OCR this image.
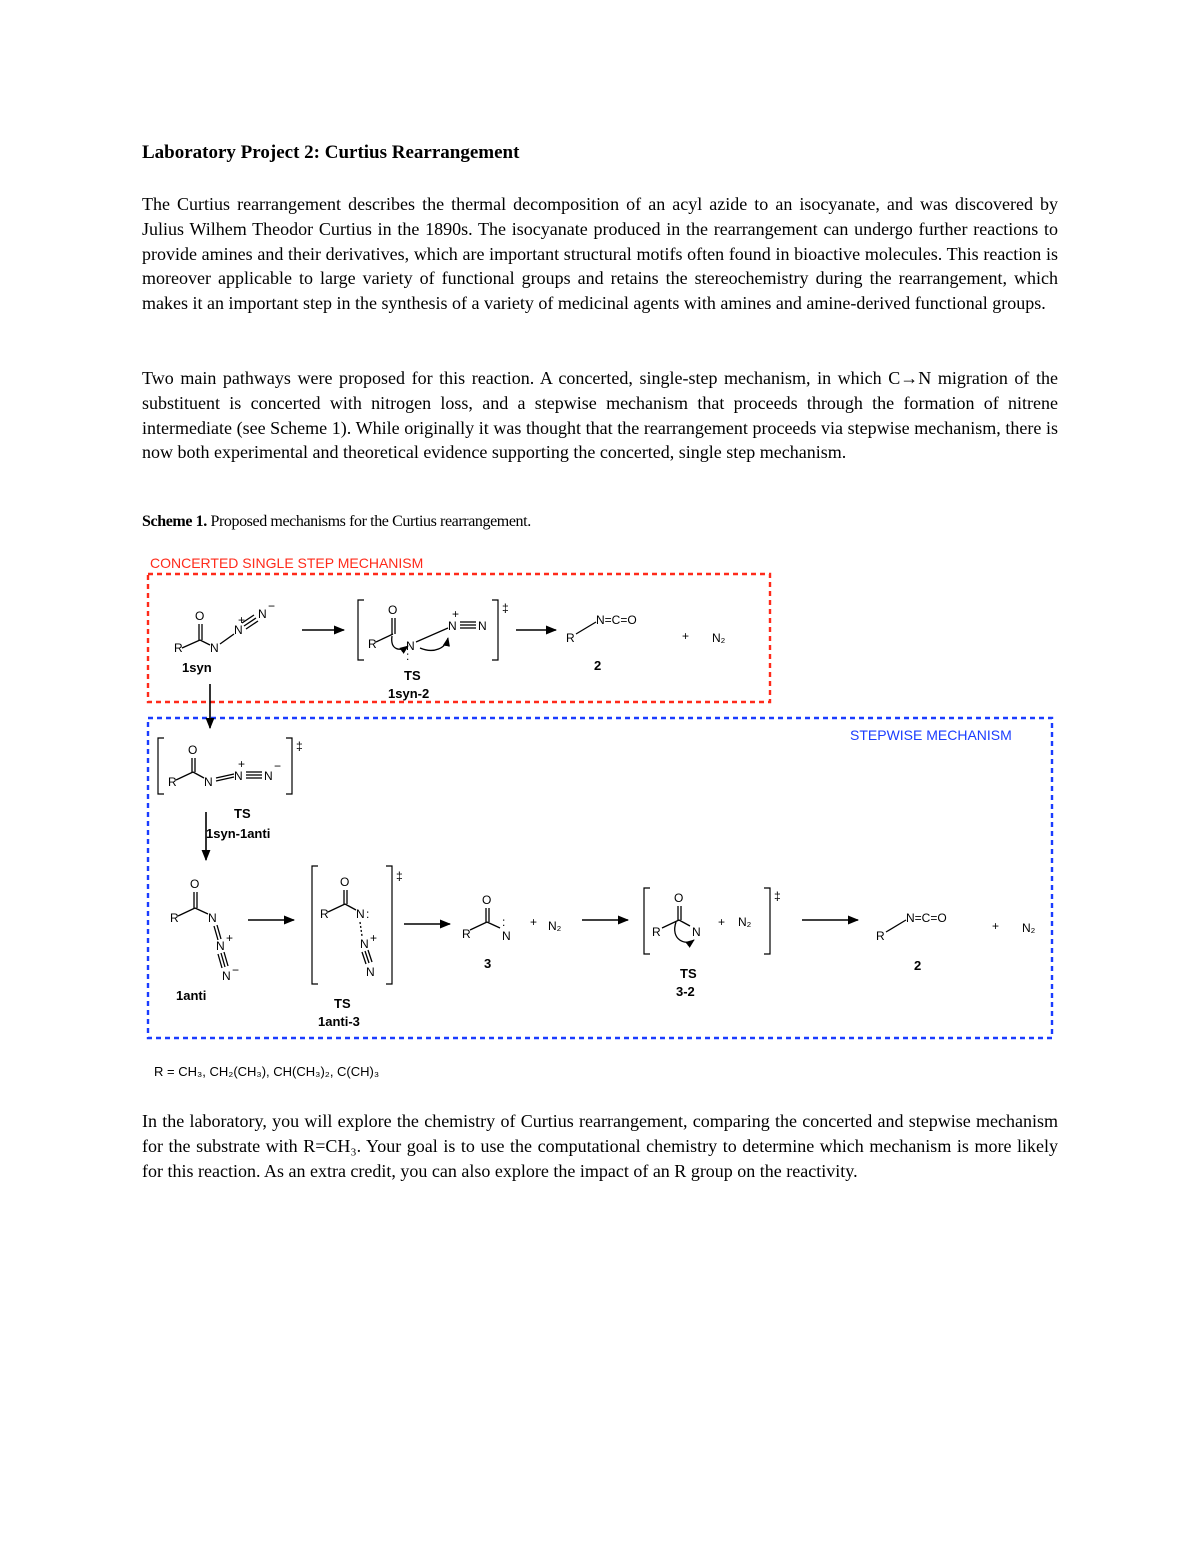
Laboratory Project 2: Curtius Rearrangement

The Curtius rearrangement describes the thermal decomposition of an acyl azide to an isocyanate, and was discovered by Julius Wilhem Theodor Curtius in the 1890s. The isocyanate produced in the rearrangement can undergo further reactions to provide amines and their derivatives, which are important structural motifs often found in bioactive molecules. This reaction is moreover applicable to large variety of functional groups and retains the stereochemistry during the rearrangement, which makes it an important step in the synthesis of a variety of medicinal agents with amines and amine-derived functional groups.

Two main pathways were proposed for this reaction. A concerted, single-step mechanism, in which C→N migration of the substituent is concerted with nitrogen loss, and a stepwise mechanism that proceeds through the formation of nitrene intermediate (see Scheme 1). While originally it was thought that the rearrangement proceeds via stepwise mechanism, there is now both experimental and theoretical evidence supporting the concerted, single step mechanism.

Scheme 1. Proposed mechanisms for the Curtius rearrangement.

CONCERTED SINGLE STEP MECHANISM
STEPWISE MECHANISM
O
R N
N
+ N
−
1syn
‡
O
R N
:
N
+
N
TS
1syn-2
R
N=C=O
2
+ N₂
‡
O
R N N
+
N
−
TS
1syn-1anti
O
R N
N
+
N −
1anti
‡
O
R N :
N +
N
TS
1anti-3
O
R	N
:
3
+ N₂
‡
O
R	N
+ N₂
TS
3-2
R
N=C=O
2
+ N₂
R = CH₃, CH₂(CH₃), CH(CH₃)₂, C(CH)₃

In the laboratory, you will explore the chemistry of Curtius rearrangement, comparing the concerted and stepwise mechanism for the substrate with R=CH₃. Your goal is to use the computational chemistry to determine which mechanism is more likely for this reaction. As an extra credit, you can also explore the impact of an R group on the reactivity.
